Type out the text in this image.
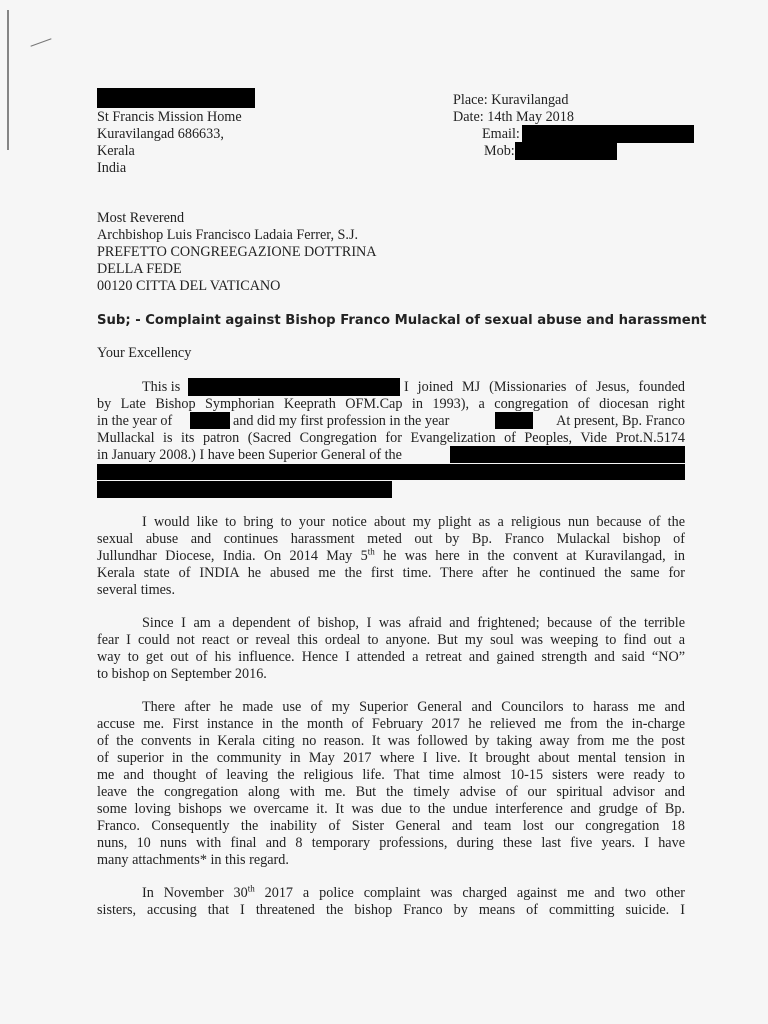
St Francis Mission Home
Kuravilangad 686633,
Kerala
India
Place: Kuravilangad
Date: 14th May 2018
Email:
Mob:
Most Reverend
Archbishop Luis Francisco Ladaia Ferrer, S.J.
PREFETTO CONGREEGAZIONE DOTTRINA
DELLA FEDE
00120 CITTA DEL VATICANO
Sub; - Complaint against Bishop Franco Mulackal of sexual abuse and harassment
Your Excellency
This is	I joined MJ (Missionaries of Jesus, founded
by Late Bishop Symphorian Keeprath OFM.Cap in 1993), a congregation of diocesan right
in the year of	and did my first profession in the year	At present, Bp. Franco
Mullackal is its patron (Sacred Congregation for Evangelization of Peoples, Vide Prot.N.5174
in January 2008.) I have been Superior General of the
I would like to bring to your notice about my plight as a religious nun because of the
sexual abuse and continues harassment meted out by Bp. Franco Mulackal bishop of
Jullundhar Diocese, India. On 2014 May 5th he was here in the convent at Kuravilangad, in
Kerala state of INDIA he abused me the first time. There after he continued the same for
several times.
Since I am a dependent of bishop, I was afraid and frightened; because of the terrible
fear I could not react or reveal this ordeal to anyone. But my soul was weeping to find out a
way to get out of his influence. Hence I attended a retreat and gained strength and said “NO”
to bishop on September 2016.
There after he made use of my Superior General and Councilors to harass me and
accuse me. First instance in the month of February 2017 he relieved me from the in-charge
of the convents in Kerala citing no reason. It was followed by taking away from me the post
of superior in the community in May 2017 where I live. It brought about mental tension in
me and thought of leaving the religious life. That time almost 10-15 sisters were ready to
leave the congregation along with me. But the timely advise of our spiritual advisor and
some loving bishops we overcame it. It was due to the undue interference and grudge of Bp.
Franco. Consequently the inability of Sister General and team lost our congregation 18
nuns, 10 nuns with final and 8 temporary professions, during these last five years. I have
many attachments* in this regard.
In November 30th 2017 a police complaint was charged against me and two other
sisters, accusing that I threatened the bishop Franco by means of committing suicide. I
